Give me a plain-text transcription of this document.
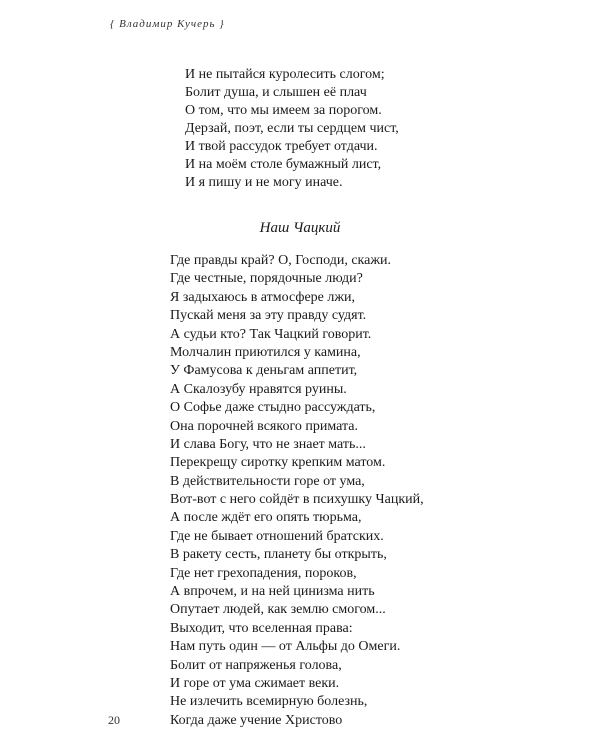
{ Владимир Кучерь }
И не пытайся куролесить слогом;
Болит душа, и слышен её плач
О том, что мы имеем за порогом.
Дерзай, поэт, если ты сердцем чист,
И твой рассудок требует отдачи.
И на моём столе бумажный лист,
И я пишу и не могу иначе.
Наш Чацкий
Где правды край? О, Господи, скажи.
Где честные, порядочные люди?
Я задыхаюсь в атмосфере лжи,
Пускай меня за эту правду судят.
А судьи кто? Так Чацкий говорит.
Молчалин приютился у камина,
У Фамусова к деньгам аппетит,
А Скалозубу нравятся руины.
О Софье даже стыдно рассуждать,
Она порочней всякого примата.
И слава Богу, что не знает мать...
Перекрещу сиротку крепким матом.
В действительности горе от ума,
Вот-вот с него сойдёт в психушку Чацкий,
А после ждёт его опять тюрьма,
Где не бывает отношений братских.
В ракету сесть, планету бы открыть,
Где нет грехопадения, пороков,
А впрочем, и на ней цинизма нить
Опутает людей, как землю смогом...
Выходит, что вселенная права:
Нам путь один — от Альфы до Омеги.
Болит от напряженья голова,
И горе от ума сжимает веки.
Не излечить всемирную болезнь,
Когда даже учение Христово
20
